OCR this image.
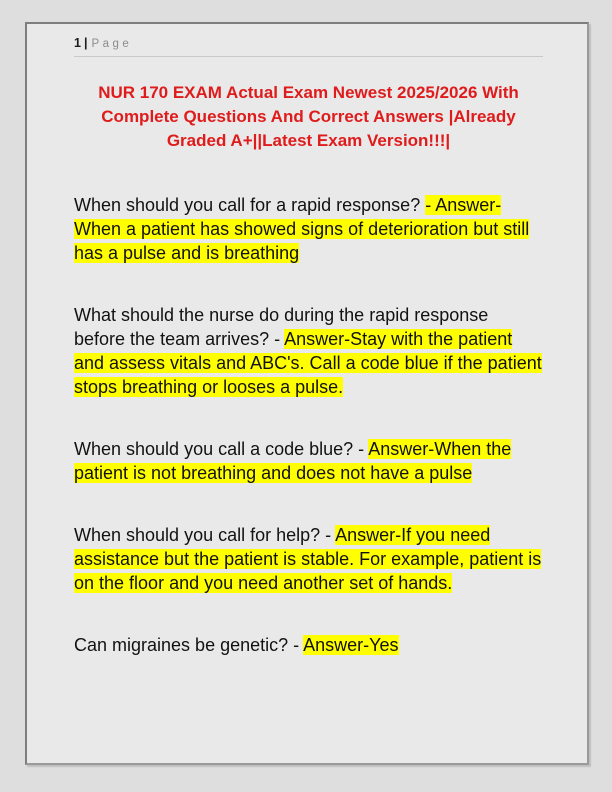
1 | Page
NUR 170 EXAM Actual Exam Newest 2025/2026 With Complete Questions And Correct Answers |Already Graded A+||Latest Exam Version!!!|

When should you call for a rapid response? - Answer-When a patient has showed signs of deterioration but still has a pulse and is breathing

What should the nurse do during the rapid response before the team arrives? - Answer-Stay with the patient and assess vitals and ABC's. Call a code blue if the patient stops breathing or looses a pulse.

When should you call a code blue? - Answer-When the patient is not breathing and does not have a pulse

When should you call for help? - Answer-If you need assistance but the patient is stable. For example, patient is on the floor and you need another set of hands.

Can migraines be genetic? - Answer-Yes
